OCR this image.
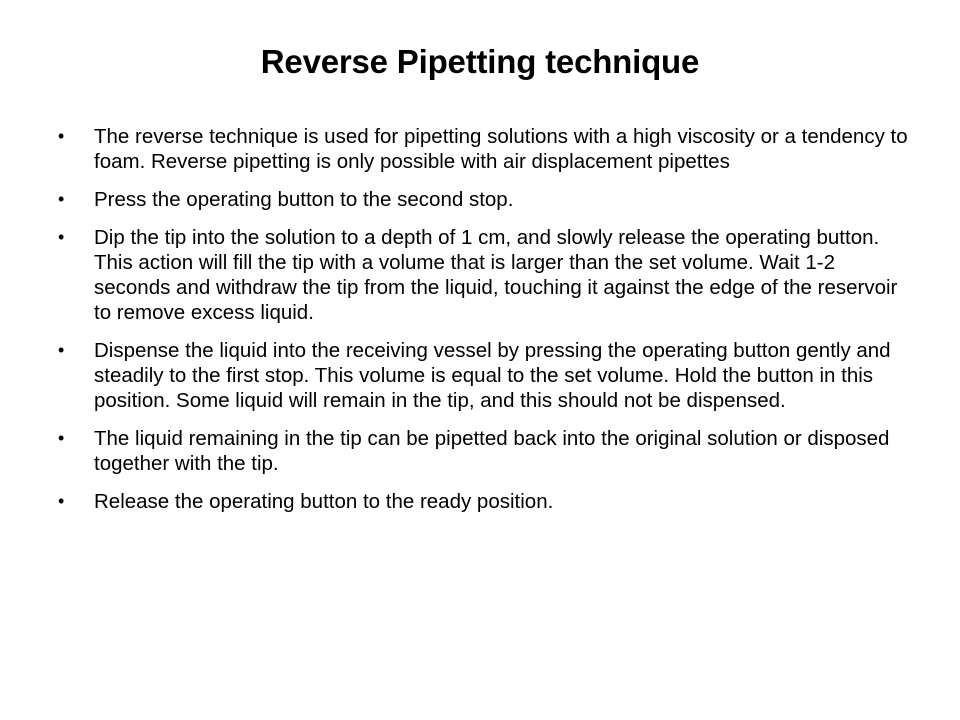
Reverse Pipetting technique
•	The reverse technique is used for pipetting solutions with a high viscosity or a tendency to foam. Reverse pipetting is only possible with air displacement pipettes
•	Press the operating button to the second stop.
•	Dip the tip into the solution to a depth of 1 cm, and slowly release the operating button. This action will fill the tip with a volume that is larger than the set volume. Wait 1-2 seconds and withdraw the tip from the liquid, touching it against the edge of the reservoir to remove excess liquid.
•	Dispense the liquid into the receiving vessel by pressing the operating button gently and steadily to the first stop. This volume is equal to the set volume. Hold the button in this position. Some liquid will remain in the tip, and this should not be dispensed.
•	The liquid remaining in the tip can be pipetted back into the original solution or disposed together with the tip.
•	Release the operating button to the ready position.
